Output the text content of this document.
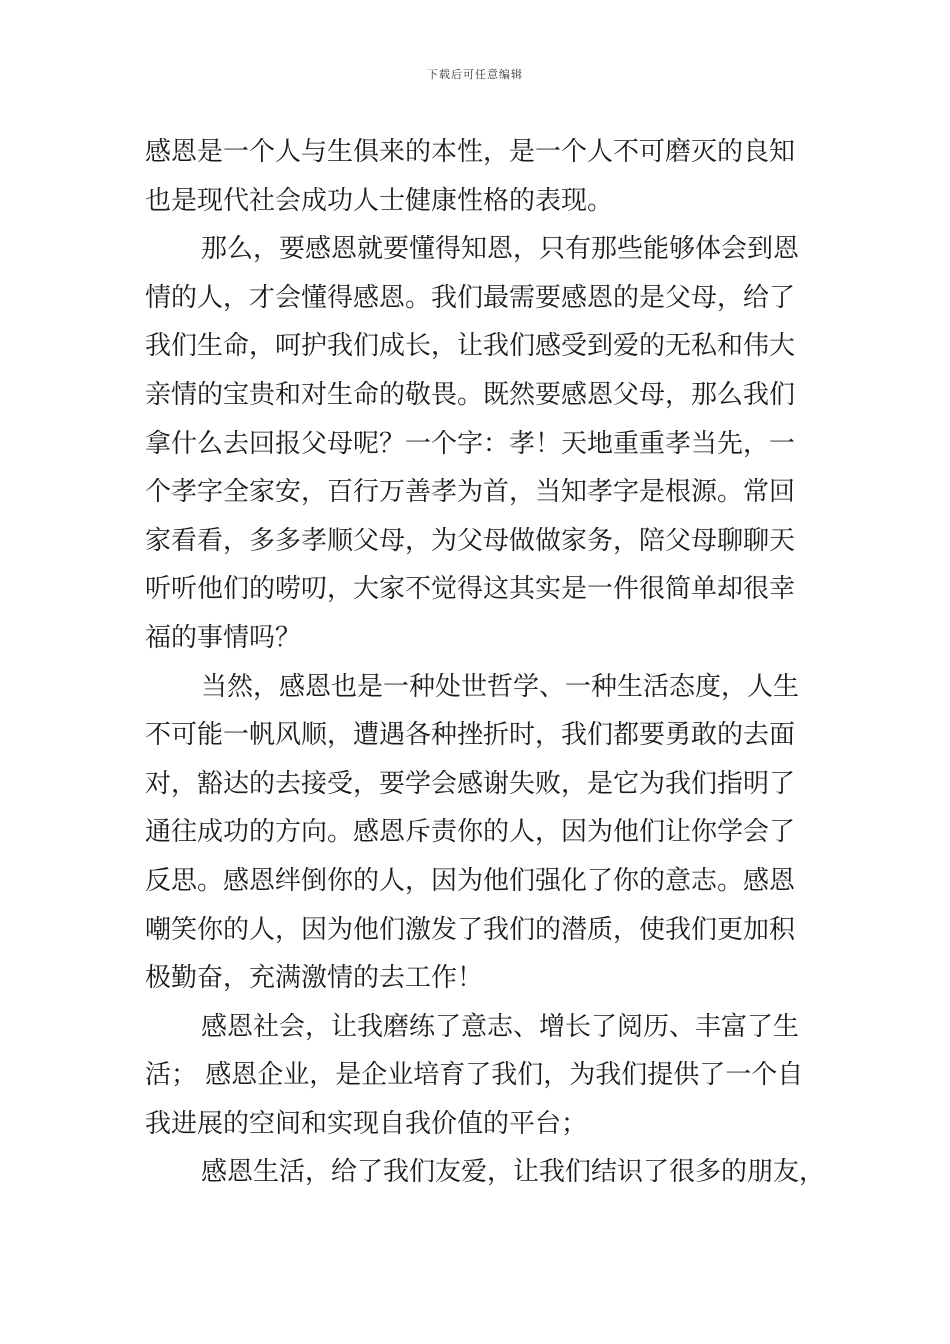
下载后可任意编辑
感恩是一个人与生俱来的本性，是一个人不可磨灭的良知
也是现代社会成功人士健康性格的表现。
那么，要感恩就要懂得知恩，只有那些能够体会到恩
情的人，才会懂得感恩。我们最需要感恩的是父母，给了
我们生命，呵护我们成长，让我们感受到爱的无私和伟大
亲情的宝贵和对生命的敬畏。既然要感恩父母，那么我们
拿什么去回报父母呢？一个字：孝！天地重重孝当先，一
个孝字全家安，百行万善孝为首，当知孝字是根源。常回
家看看，多多孝顺父母，为父母做做家务，陪父母聊聊天
听听他们的唠叨，大家不觉得这其实是一件很简单却很幸
福的事情吗？
当然，感恩也是一种处世哲学、一种生活态度，人生
不可能一帆风顺，遭遇各种挫折时，我们都要勇敢的去面
对，豁达的去接受，要学会感谢失败，是它为我们指明了
通往成功的方向。感恩斥责你的人，因为他们让你学会了
反思。感恩绊倒你的人，因为他们强化了你的意志。感恩
嘲笑你的人，因为他们激发了我们的潜质，使我们更加积
极勤奋，充满激情的去工作！
感恩社会，让我磨练了意志、增长了阅历、丰富了生
活； 感恩企业，是企业培育了我们，为我们提供了一个自
我进展的空间和实现自我价值的平台；
感恩生活，给了我们友爱，让我们结识了很多的朋友，
